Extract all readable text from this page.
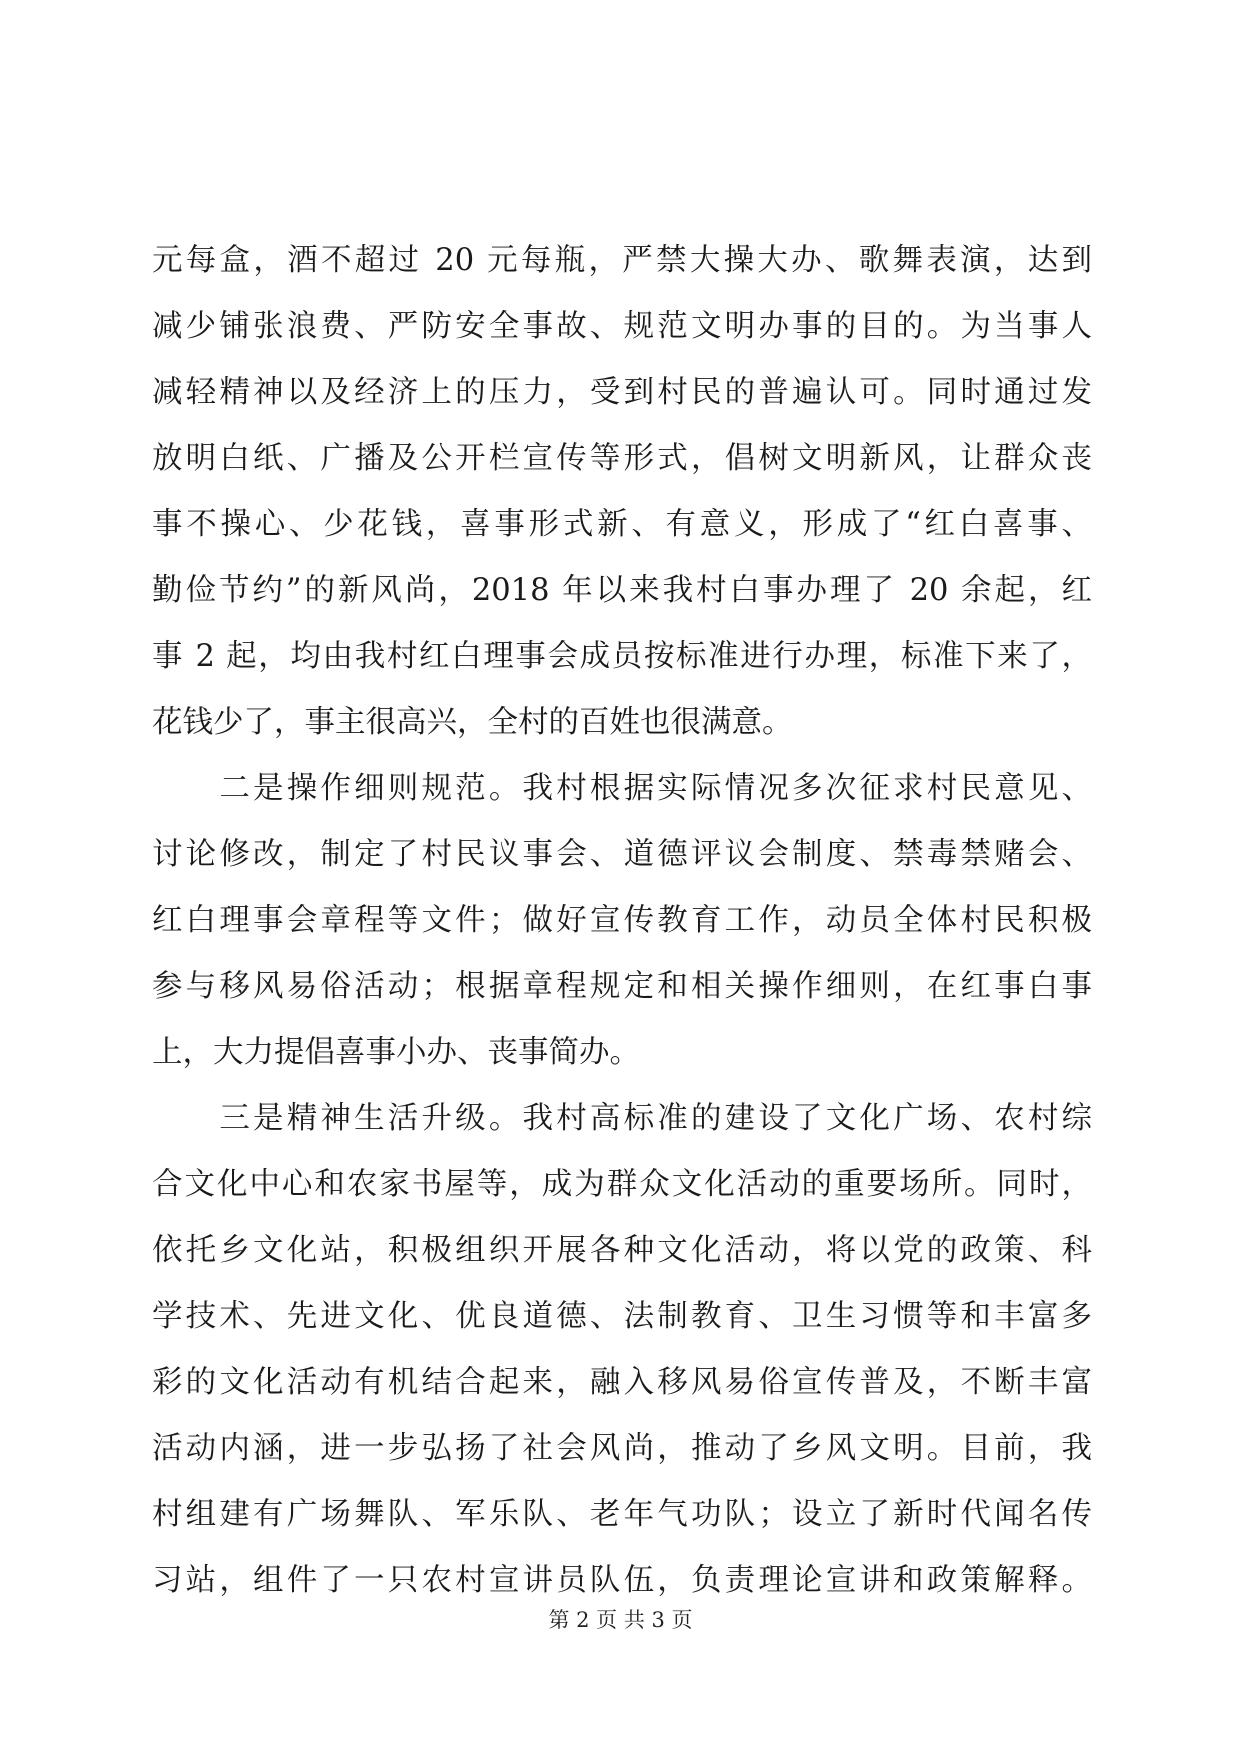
元每盒，酒不超过 20 元每瓶，严禁大操大办、歌舞表演，达到
减少铺张浪费、严防安全事故、规范文明办事的目的。为当事人
减轻精神以及经济上的压力，受到村民的普遍认可。同时通过发
放明白纸、广播及公开栏宣传等形式，倡树文明新风，让群众丧
事不操心、少花钱，喜事形式新、有意义，形成了“红白喜事、
勤俭节约”的新风尚，2018 年以来我村白事办理了 20 余起，红
事 2 起，均由我村红白理事会成员按标准进行办理，标准下来了，
花钱少了，事主很高兴，全村的百姓也很满意。
　　二是操作细则规范。我村根据实际情况多次征求村民意见、
讨论修改，制定了村民议事会、道德评议会制度、禁毒禁赌会、
红白理事会章程等文件；做好宣传教育工作，动员全体村民积极
参与移风易俗活动；根据章程规定和相关操作细则，在红事白事
上，大力提倡喜事小办、丧事简办。
　　三是精神生活升级。我村高标准的建设了文化广场、农村综
合文化中心和农家书屋等，成为群众文化活动的重要场所。同时，
依托乡文化站，积极组织开展各种文化活动，将以党的政策、科
学技术、先进文化、优良道德、法制教育、卫生习惯等和丰富多
彩的文化活动有机结合起来，融入移风易俗宣传普及，不断丰富
活动内涵，进一步弘扬了社会风尚，推动了乡风文明。目前，我
村组建有广场舞队、军乐队、老年气功队；设立了新时代闻名传
习站，组件了一只农村宣讲员队伍，负责理论宣讲和政策解释。
第 2 页 共 3 页
